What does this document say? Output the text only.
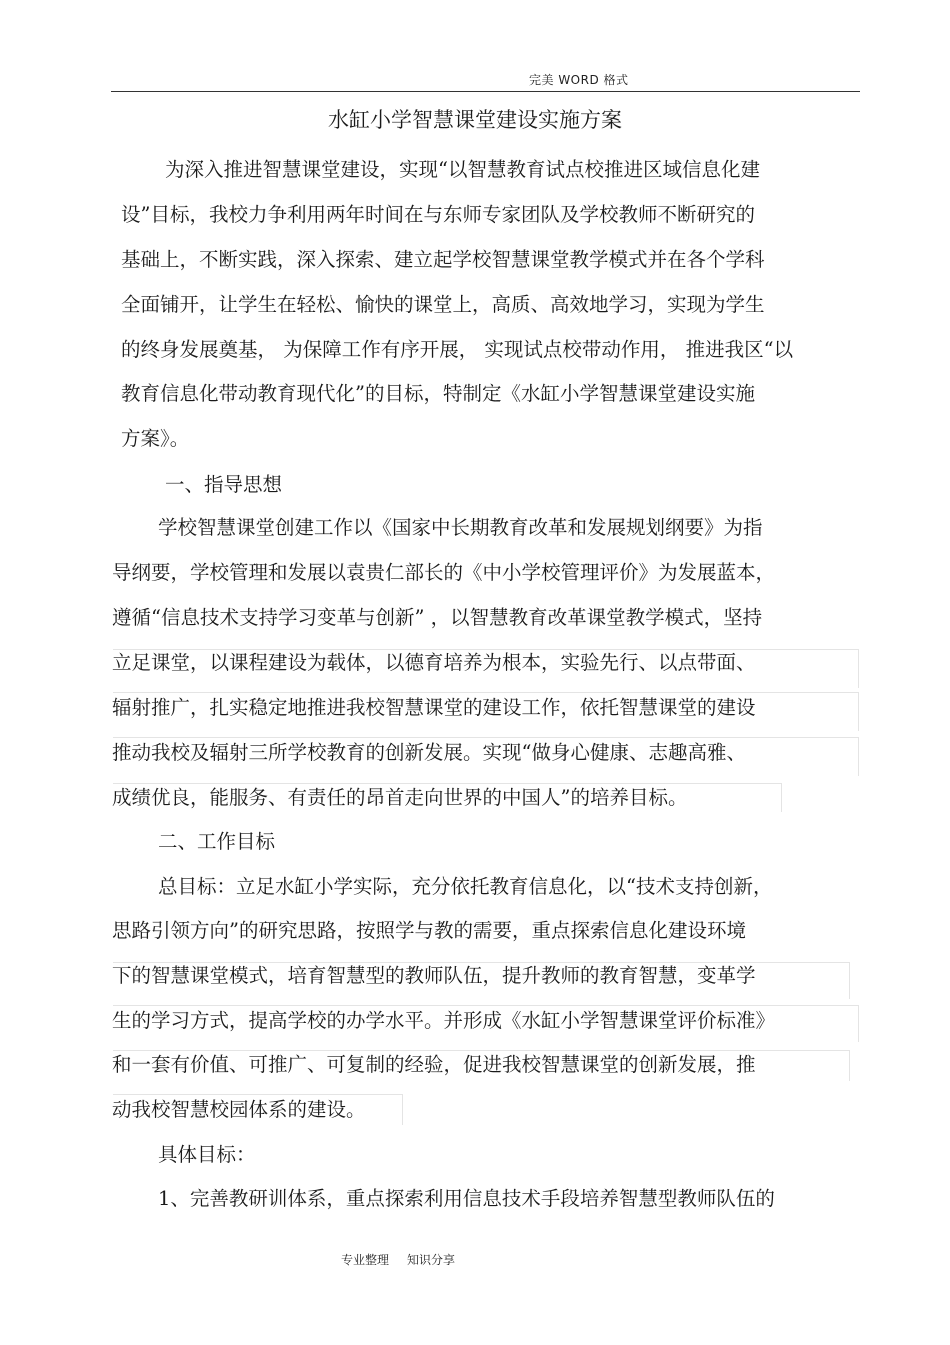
完美 WORD 格式
水缸小学智慧课堂建设实施方案
为深入推进智慧课堂建设，实现“以智慧教育试点校推进区域信息化建
设”目标，我校力争利用两年时间在与东师专家团队及学校教师不断研究的
基础上，不断实践，深入探索、建立起学校智慧课堂教学模式并在各个学科
全面铺开，让学生在轻松、愉快的课堂上，高质、高效地学习，实现为学生
的终身发展奠基， 为保障工作有序开展， 实现试点校带动作用， 推进我区“以
教育信息化带动教育现代化”的目标，特制定《水缸小学智慧课堂建设实施
方案》。
一、指导思想
学校智慧课堂创建工作以《国家中长期教育改革和发展规划纲要》为指
导纲要，学校管理和发展以袁贵仁部长的《中小学校管理评价》为发展蓝本，
遵循“信息技术支持学习变革与创新” ，以智慧教育改革课堂教学模式，坚持
立足课堂，以课程建设为载体，以德育培养为根本，实验先行、以点带面、
辐射推广，扎实稳定地推进我校智慧课堂的建设工作，依托智慧课堂的建设
推动我校及辐射三所学校教育的创新发展。实现“做身心健康、志趣高雅、
成绩优良，能服务、有责任的昂首走向世界的中国人”的培养目标。
二、工作目标
总目标：立足水缸小学实际，充分依托教育信息化，以“技术支持创新，
思路引领方向”的研究思路，按照学与教的需要，重点探索信息化建设环境
下的智慧课堂模式，培育智慧型的教师队伍，提升教师的教育智慧，变革学
生的学习方式，提高学校的办学水平。并形成《水缸小学智慧课堂评价标准》
和一套有价值、可推广、可复制的经验，促进我校智慧课堂的创新发展，推
动我校智慧校园体系的建设。
具体目标：
1、完善教研训体系，重点探索利用信息技术手段培养智慧型教师队伍的
专业整理 知识分享
